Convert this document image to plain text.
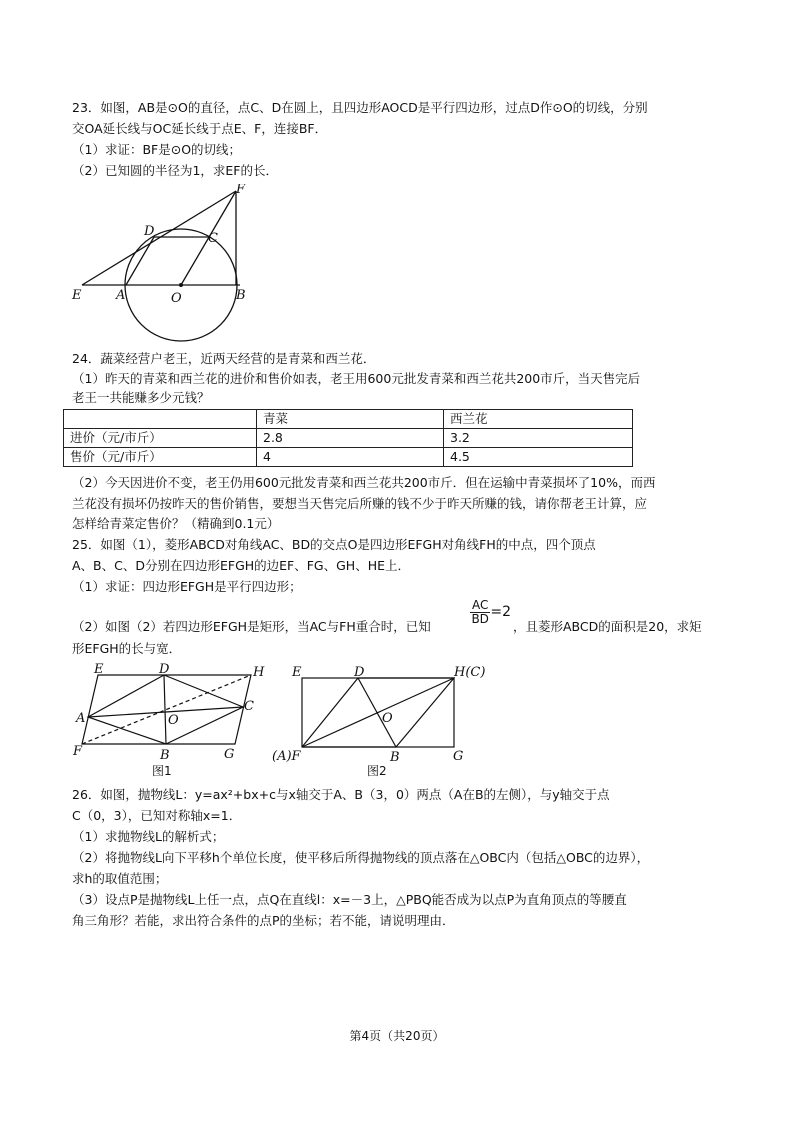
23．如图，AB是⊙O的直径，点C、D在圆上，且四边形AOCD是平行四边形，过点D作⊙O的切线，分别
交OA延长线与OC延长线于点E、F，连接BF．
（1）求证：BF是⊙O的切线；
（2）已知圆的半径为1，求EF的长．
F
D	C
E	A	O	B
24．蔬菜经营户老王，近两天经营的是青菜和西兰花．
（1）昨天的青菜和西兰花的进价和售价如表，老王用600元批发青菜和西兰花共200市斤，当天售完后
老王一共能赚多少元钱？
	青菜	西兰花
进价（元/市斤）	2.8	3.2
售价（元/市斤）	4	4.5
（2）今天因进价不变，老王仍用600元批发青菜和西兰花共200市斤．但在运输中青菜损坏了10%，而西
兰花没有损坏仍按昨天的售价销售，要想当天售完后所赚的钱不少于昨天所赚的钱，请你帮老王计算，应
怎样给青菜定售价？（精确到0.1元）
25．如图（1），菱形ABCD对角线AC、BD的交点O是四边形EFGH对角线FH的中点，四个顶点
A、B、C、D分别在四边形EFGH的边EF、FG、GH、HE上．
（1）求证：四边形EFGH是平行四边形；
（2）如图（2）若四边形EFGH是矩形，当AC与FH重合时，已知
$\frac{AC}{BD} =2$
，且菱形ABCD的面积是20，求矩
形EFGH的长与宽．
E	D	H
A	O
C
F	B	G
图1
E	D	H(C)
O
(A)F	B	G
图2
26．如图，抛物线L：y=ax²+bx+c与x轴交于A、B（3，0）两点（A在B的左侧），与y轴交于点
C（0，3），已知对称轴x=1．
（1）求抛物线L的解析式；
（2）将抛物线L向下平移h个单位长度，使平移后所得抛物线的顶点落在△OBC内（包括△OBC的边界），
求h的取值范围；
（3）设点P是抛物线L上任一点，点Q在直线l：x=－3上，△PBQ能否成为以点P为直角顶点的等腰直
角三角形？若能，求出符合条件的点P的坐标；若不能，请说明理由．
第4页（共20页）
